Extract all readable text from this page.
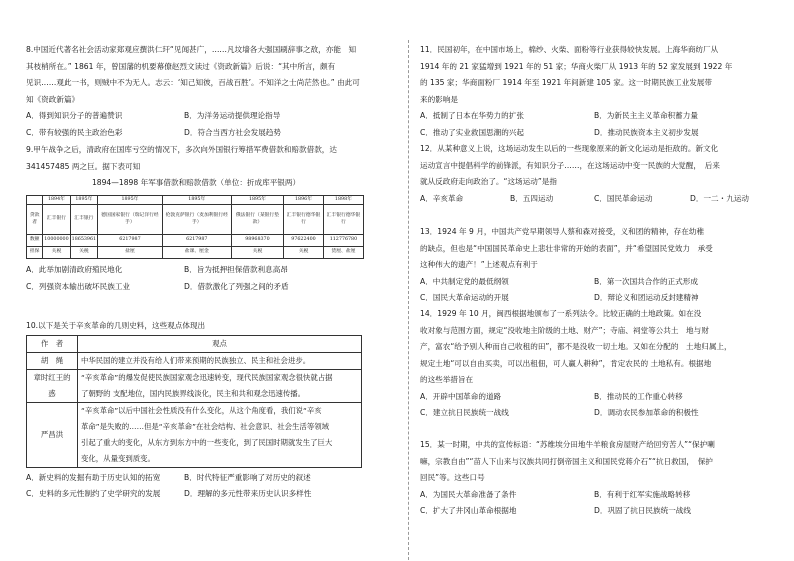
8.中国近代著名社会活动家郑观应撰洪仁玕“见闻甚广，……凡坟墙各大强国刷辞事之敌，亦能　知

其枝梢所在。” 1861 年，曾国藩的机要幕僚赵烈文读过《资政新篇》后说：“其中所言，颇有

见识……观此一书，则贼中不为无人。志云：‘知己知彼，百战百胜’。不知洋之士尚茫然也。” 由此可

知《资政新篇》

A．得到知识分子的普遍赞识	B．为洋务运动提供理论指导
C．带有较强的民主政治色彩	D．符合当西方社会发展趋势

9.甲午战争之后，清政府在国库亏空的情况下，多次向外国银行筹措军费借款和赔款借款，达

341457485 两之巨。据下表可知

1894—1898 年军事借款和赔款借款（单位：折成库平银两）
	1894年	1895年	1895年	1895年	1895年	1896年	1898年
贷款者	汇丰银行	汇丰银行	德国国家银行（瑞记洋行经手）	伦敦克萨银行（麦加利银行经手）	俄法银行（某银行垫款）	汇丰银行德华银行	汇丰银行德华银行
数额	10000000	18653961	6217987	6217987	98968370	97622400	112776780
担保	关税	关税	盐厘	盐课、厘金	关税	关税	货厘、盐厘
A．此举加剧清政府殖民地化	B．旨为抵押担保借款利息高昂
C．列强资本输出破坏民族工业	D．借款激化了列强之间的矛盾

10.以下是关于辛亥革命的几则史料，这些观点体现出

作　者	观点
胡　绳	中华民国的建立并没有给人们带来预期的民族独立、民主和社会进步。

章时红王的惑	“辛亥革命”的爆发促使民族国家观念迅速转变，现代民族国家观念很快就占据
了朝野的 支配地位，国内民族界线淡化，民主和共和观念迅速传播。

严昌洪	“辛亥革命”以后中国社会性质没有什么变化，从这个角度看，我们说“辛亥
革命”是失败的……但是“辛亥革命”在社会结构、社会意识、社会生活等领域
引起了重大的变化，从东方到东方中的一些变化，到了民国时期就发生了巨大
变化，从量变到质变。
A．新史料的发掘有助于历史认知的拓宽	B．时代特征严重影响了对历史的叙述
C．史料的多元性制约了史学研究的发展	D．理解的多元性带来历史认识多样性

11．民国初年，在中国市场上，棉纱、火柴、面粉等行业获得较快发展。上海华商纺厂从

1914 年的 21 家猛增到 1921 年的 51 家；华商火柴厂从 1913 年的 52 家发展到 1922 年

的 135 家；华商面粉厂 1914 年至 1921 年间新建 105 家。这一时期民族工业发展带

来的影响是

A．抵制了日本在华势力的扩张	B．为新民主主义革命积蓄力量
C．推动了实业救国思潮的兴起	D．推动民族资本主义初步发展

12．从某种意义上说，这场运动发生以后的一些现象原来的新文化运动是拒敌的。新文化

运动宣言中提倡科学的前锋派，有知识分子……，在这场运动中变一民族的大觉醒，　后来

就从反政府走向政治了。“这场运动”是指

A．辛亥革命	B．五四运动	C．国民革命运动	D．一二・九运动

13．1924 年 9 月，中国共产党早期领导人蔡和森对接受，义和团的精神，存在幼稚

的缺点，但也是“中国国民革命史上悲壮非常的开始的表面”，并“希望国民党效力　承受

这种伟大的遗产！”上述观点有利于

A．中共制定党的最低纲领	B．第一次国共合作的正式形成
C．国民大革命运动的开展	D．辩论义和团运动反封建精神

14．1929 年 10 月，闽西根据地颁布了一系列法令。比较正确的土地政策。如在没

收对象与范围方面，规定“没收地主阶级的土地、财产”；寺庙、祠堂等公共土　地与财

产，富农“给予别人种而自己收租的田”，都不是没收一切土地。又如在分配的　土地归属上，

规定土地“可以自由买卖，可以出租佃，可人赢人耕种”，肯定农民的 土地私有。根据地

的这些举措旨在

A．开辟中国革命的道路	B．推动民的工作重心转移
C．建立抗日民族统一战线	D．调动农民参加革命的积极性

15．某一时期，中共的宣传标语：“苏维埃分田地牛羊粮食房屋财产给回穷苦人”“保护喇

嘛，宗教自由”“苗人下山来与汉族共同打倒帝国主义和国民党蒋介石”“抗日救国，　保护

回民”等。这些口号

A．为国民大革命准备了条件	B．有利于红军实施战略转移
C．扩大了井冈山革命根据地	D．巩固了抗日民族统一战线
